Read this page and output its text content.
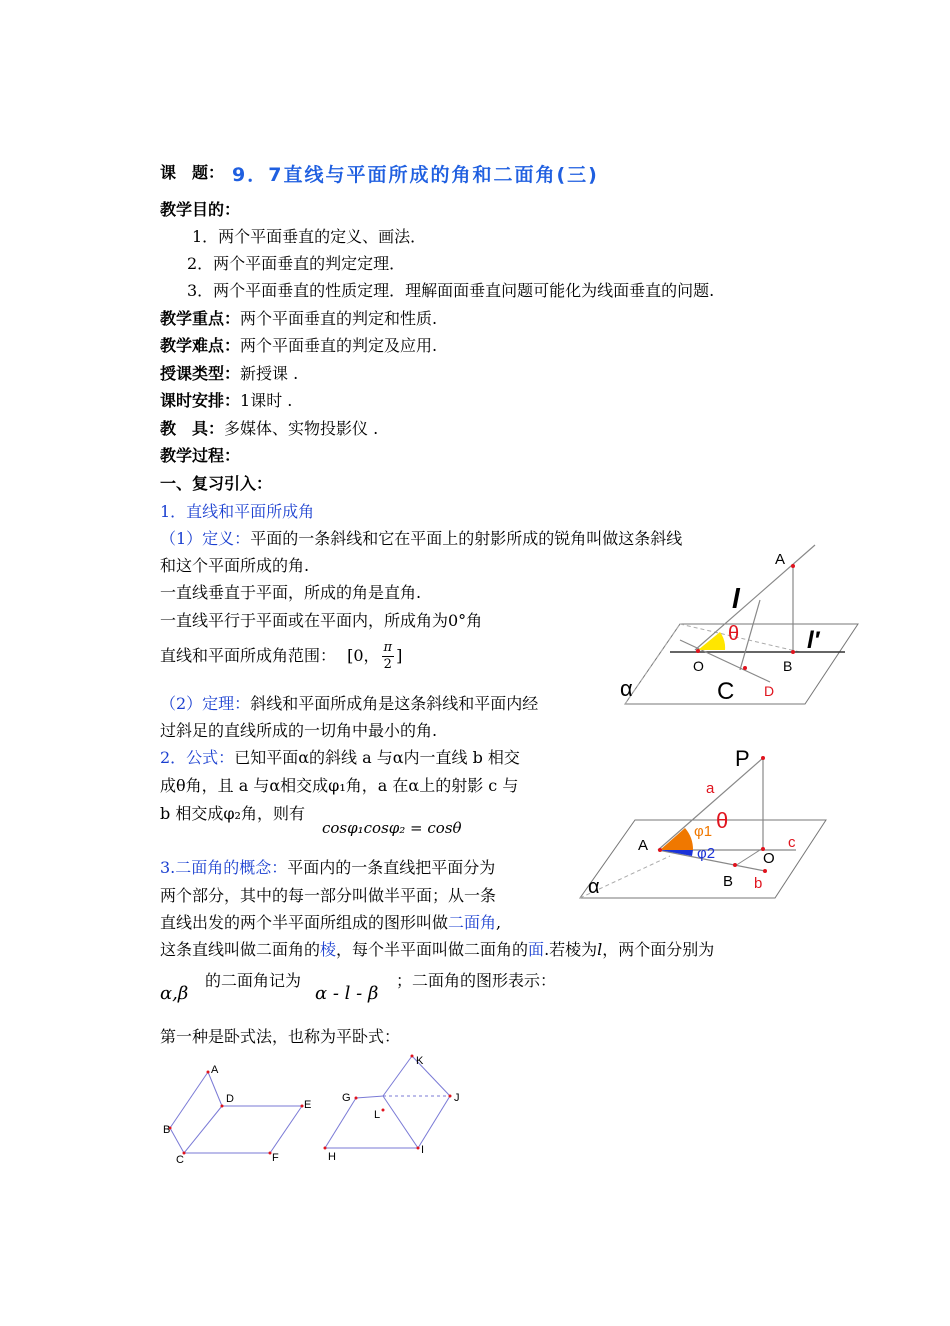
课　题： 9．7直线与平面所成的角和二面角(三)
教学目的：
1．两个平面垂直的定义、画法．
2．两个平面垂直的判定定理．
3．两个平面垂直的性质定理．理解面面垂直问题可能化为线面垂直的问题.
教学重点：两个平面垂直的判定和性质.
教学难点：两个平面垂直的判定及应用.
授课类型：新授课 .
课时安排：1课时 .
教　具：多媒体、实物投影仪 .
教学过程：
一、复习引入：
1．直线和平面所成角
（1）定义：平面的一条斜线和它在平面上的射影所成的锐角叫做这条斜线
和这个平面所成的角.
一直线垂直于平面，所成的角是直角.
一直线平行于平面或在平面内，所成角为0°角
直线和平面所成角范围： [0， $\frac{\pi}{2}$ ]
（2）定理：斜线和平面所成角是这条斜线和平面内经
过斜足的直线所成的一切角中最小的角.
2．公式：已知平面α的斜线 a 与α内一直线 b 相交
成θ角，且 a 与α相交成φ₁角，a 在α上的射影 c 与
b 相交成φ₂角，则有
cosφ₁cosφ₂ = cosθ
3.二面角的概念：平面内的一条直线把平面分为
两个部分，其中的每一部分叫做半平面；从一条
直线出发的两个半平面所组成的图形叫做二面角,
这条直线叫做二面角的棱，每个半平面叫做二面角的面.若棱为l，两个面分别为
α,β
的二面角记为
α - l - β
；二面角的图形表示：
第一种是卧式法，也称为平卧式：
A
l
θ	l′
O	B
C D
α
P
a
θ
φ1
φ2
A
O
c
B b
α
A
D	E
B
C	F
K
G	J
L
H
I
